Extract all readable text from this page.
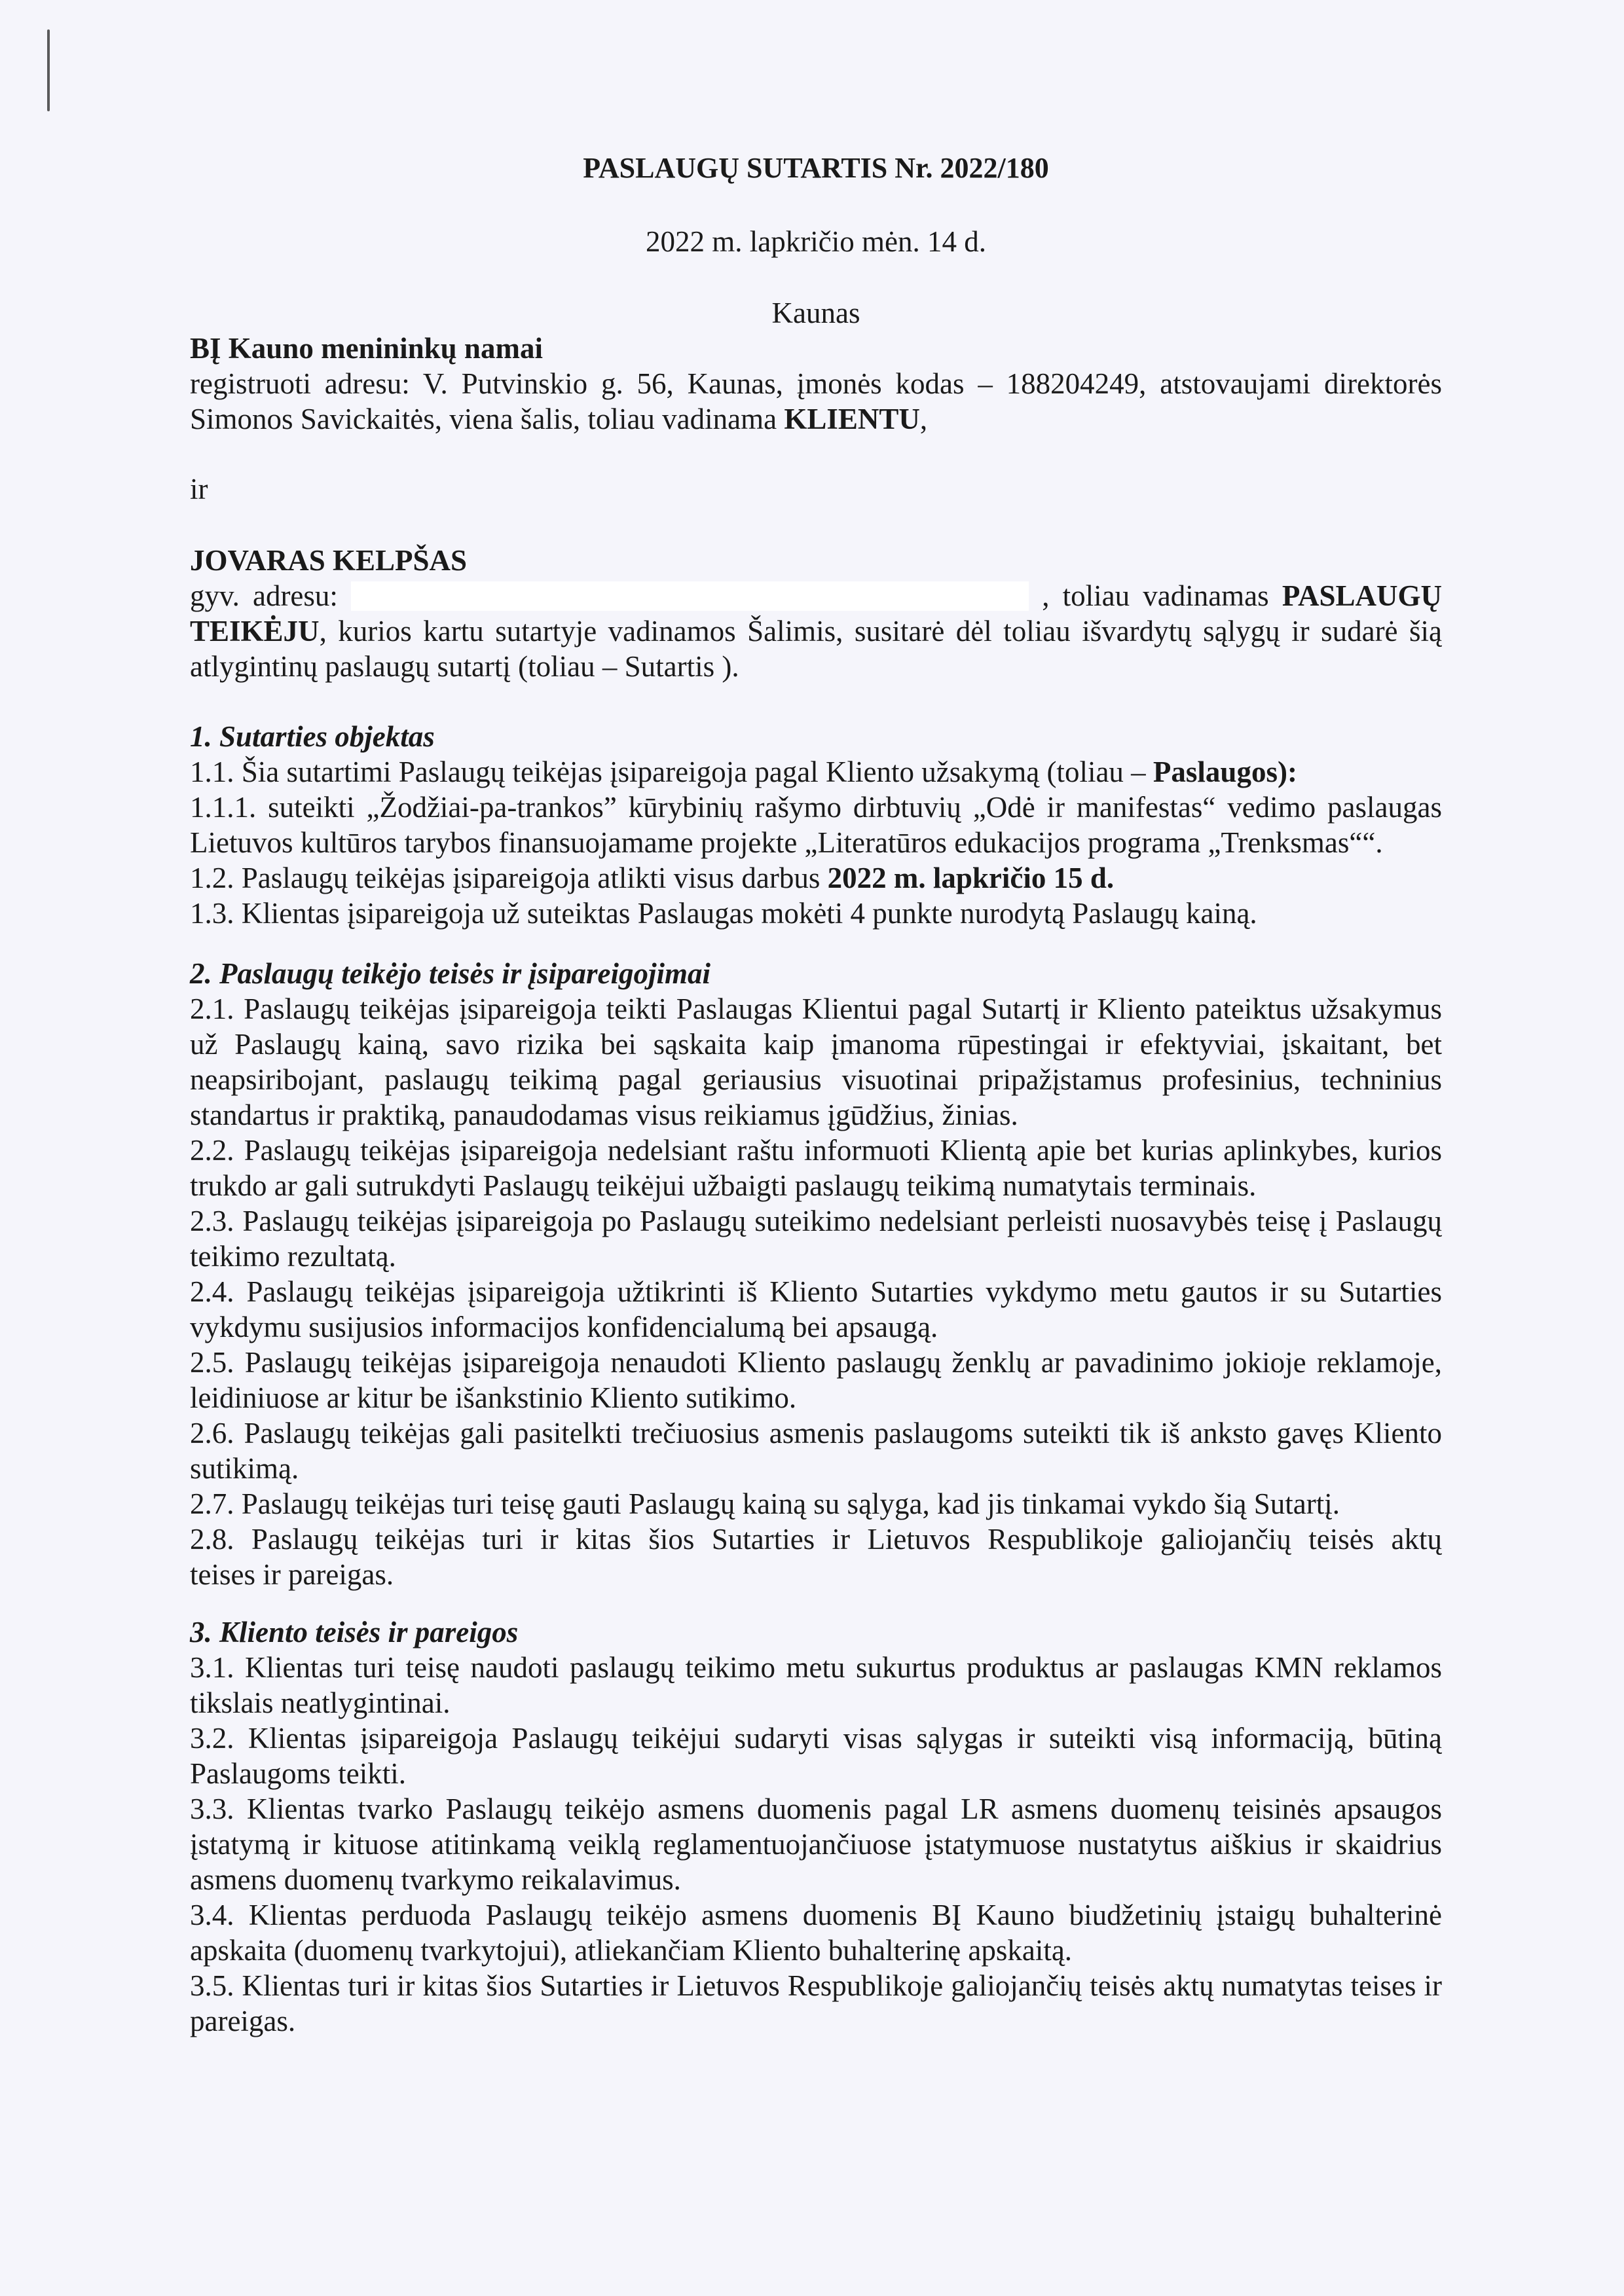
PASLAUGŲ SUTARTIS Nr. 2022/180
2022 m. lapkričio mėn. 14 d.
Kaunas
BĮ Kauno menininkų namai
registruoti adresu: V. Putvinskio g. 56, Kaunas, įmonės kodas – 188204249, atstovaujami direktorės
Simonos Savickaitės, viena šalis, toliau vadinama KLIENTU,
ir
JOVARAS KELPŠAS
gyv. adresu:	, toliau vadinamas PASLAUGŲ
TEIKĖJU, kurios kartu sutartyje vadinamos Šalimis, susitarė dėl toliau išvardytų sąlygų ir sudarė šią
atlygintinų paslaugų sutartį (toliau – Sutartis ).
1. Sutarties objektas
1.1. Šia sutartimi Paslaugų teikėjas įsipareigoja pagal Kliento užsakymą (toliau – Paslaugos):
1.1.1. suteikti „Žodžiai-pa-trankos” kūrybinių rašymo dirbtuvių „Odė ir manifestas“ vedimo paslaugas
Lietuvos kultūros tarybos finansuojamame projekte „Literatūros edukacijos programa „Trenksmas““.
1.2. Paslaugų teikėjas įsipareigoja atlikti visus darbus 2022 m. lapkričio 15 d.
1.3. Klientas įsipareigoja už suteiktas Paslaugas mokėti 4 punkte nurodytą Paslaugų kainą.
2. Paslaugų teikėjo teisės ir įsipareigojimai
2.1. Paslaugų teikėjas įsipareigoja teikti Paslaugas Klientui pagal Sutartį ir Kliento pateiktus užsakymus
už Paslaugų kainą, savo rizika bei sąskaita kaip įmanoma rūpestingai ir efektyviai, įskaitant, bet
neapsiribojant, paslaugų teikimą pagal geriausius visuotinai pripažįstamus profesinius, techninius
standartus ir praktiką, panaudodamas visus reikiamus įgūdžius, žinias.
2.2. Paslaugų teikėjas įsipareigoja nedelsiant raštu informuoti Klientą apie bet kurias aplinkybes, kurios
trukdo ar gali sutrukdyti Paslaugų teikėjui užbaigti paslaugų teikimą numatytais terminais.
2.3. Paslaugų teikėjas įsipareigoja po Paslaugų suteikimo nedelsiant perleisti nuosavybės teisę į Paslaugų
teikimo rezultatą.
2.4. Paslaugų teikėjas įsipareigoja užtikrinti iš Kliento Sutarties vykdymo metu gautos ir su Sutarties
vykdymu susijusios informacijos konfidencialumą bei apsaugą.
2.5. Paslaugų teikėjas įsipareigoja nenaudoti Kliento paslaugų ženklų ar pavadinimo jokioje reklamoje,
leidiniuose ar kitur be išankstinio Kliento sutikimo.
2.6. Paslaugų teikėjas gali pasitelkti trečiuosius asmenis paslaugoms suteikti tik iš anksto gavęs Kliento
sutikimą.
2.7. Paslaugų teikėjas turi teisę gauti Paslaugų kainą su sąlyga, kad jis tinkamai vykdo šią Sutartį.
2.8. Paslaugų teikėjas turi ir kitas šios Sutarties ir Lietuvos Respublikoje galiojančių teisės aktų
teises ir pareigas.
3. Kliento teisės ir pareigos
3.1. Klientas turi teisę naudoti paslaugų teikimo metu sukurtus produktus ar paslaugas KMN reklamos
tikslais neatlygintinai.
3.2. Klientas įsipareigoja Paslaugų teikėjui sudaryti visas sąlygas ir suteikti visą informaciją, būtiną
Paslaugoms teikti.
3.3. Klientas tvarko Paslaugų teikėjo asmens duomenis pagal LR asmens duomenų teisinės apsaugos
įstatymą ir kituose atitinkamą veiklą reglamentuojančiuose įstatymuose nustatytus aiškius ir skaidrius
asmens duomenų tvarkymo reikalavimus.
3.4. Klientas perduoda Paslaugų teikėjo asmens duomenis BĮ Kauno biudžetinių įstaigų buhalterinė
apskaita (duomenų tvarkytojui), atliekančiam Kliento buhalterinę apskaitą.
3.5. Klientas turi ir kitas šios Sutarties ir Lietuvos Respublikoje galiojančių teisės aktų numatytas teises ir
pareigas.
